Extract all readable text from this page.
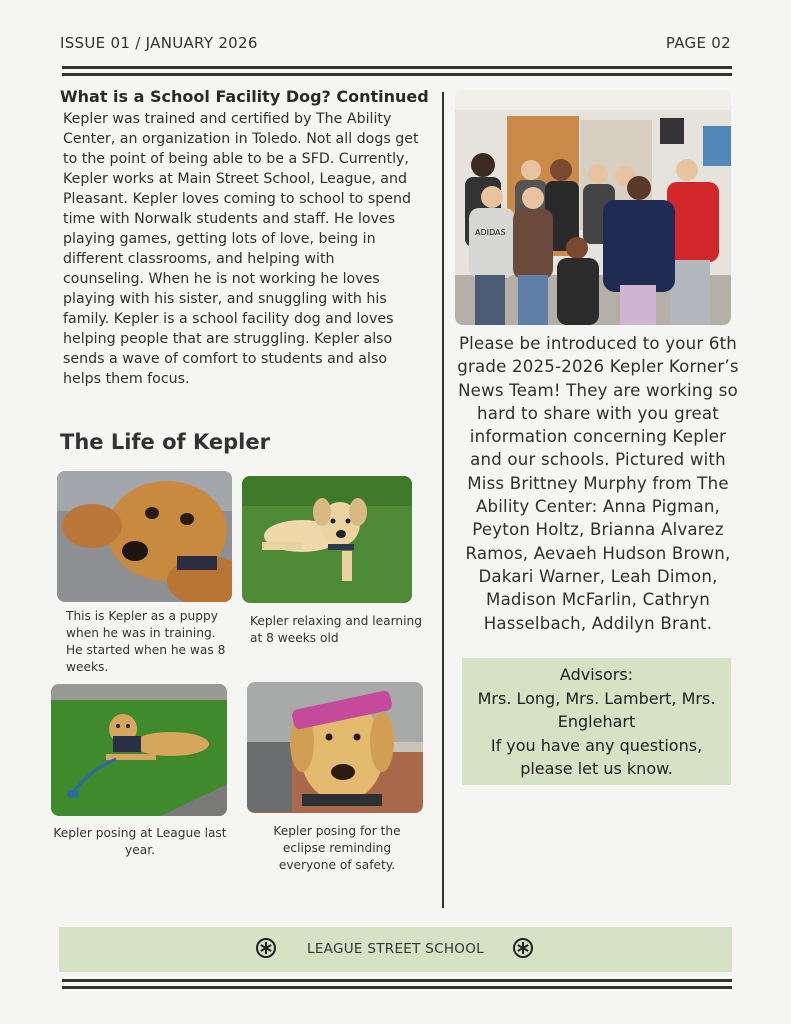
ISSUE 01 / JANUARY 2026	PAGE 02
What is a School Facility Dog? Continued
Kepler was trained and certified by The Ability
Center, an organization in Toledo. Not all dogs get
to the point of being able to be a SFD. Currently,
Kepler works at Main Street School, League, and
Pleasant. Kepler loves coming to school to spend
time with Norwalk students and staff. He loves
playing games, getting lots of love, being in
different classrooms, and helping with
counseling. When he is not working he loves
playing with his sister, and snuggling with his
family. Kepler is a school facility dog and loves
helping people that are struggling. Kepler also
sends a wave of comfort to students and also
helps them focus.
The Life of Kepler
This is Kepler as a puppy
when he was in training.
He started when he was 8
weeks.
Kepler relaxing and learning
at 8 weeks old
Kepler posing at League last
year.
Kepler posing for the
eclipse reminding
everyone of safety.
ADIDAS
Please be introduced to your 6th
grade 2025-2026 Kepler Korner’s
News Team! They are working so
hard to share with you great
information concerning Kepler
and our schools. Pictured with
Miss Brittney Murphy from The
Ability Center: Anna Pigman,
Peyton Holtz, Brianna Alvarez
Ramos, Aevaeh Hudson Brown,
Dakari Warner, Leah Dimon,
Madison McFarlin, Cathryn
Hasselbach, Addilyn Brant.
Advisors:
Mrs. Long, Mrs. Lambert, Mrs.
Englehart
If you have any questions,
please let us know.
LEAGUE STREET SCHOOL
